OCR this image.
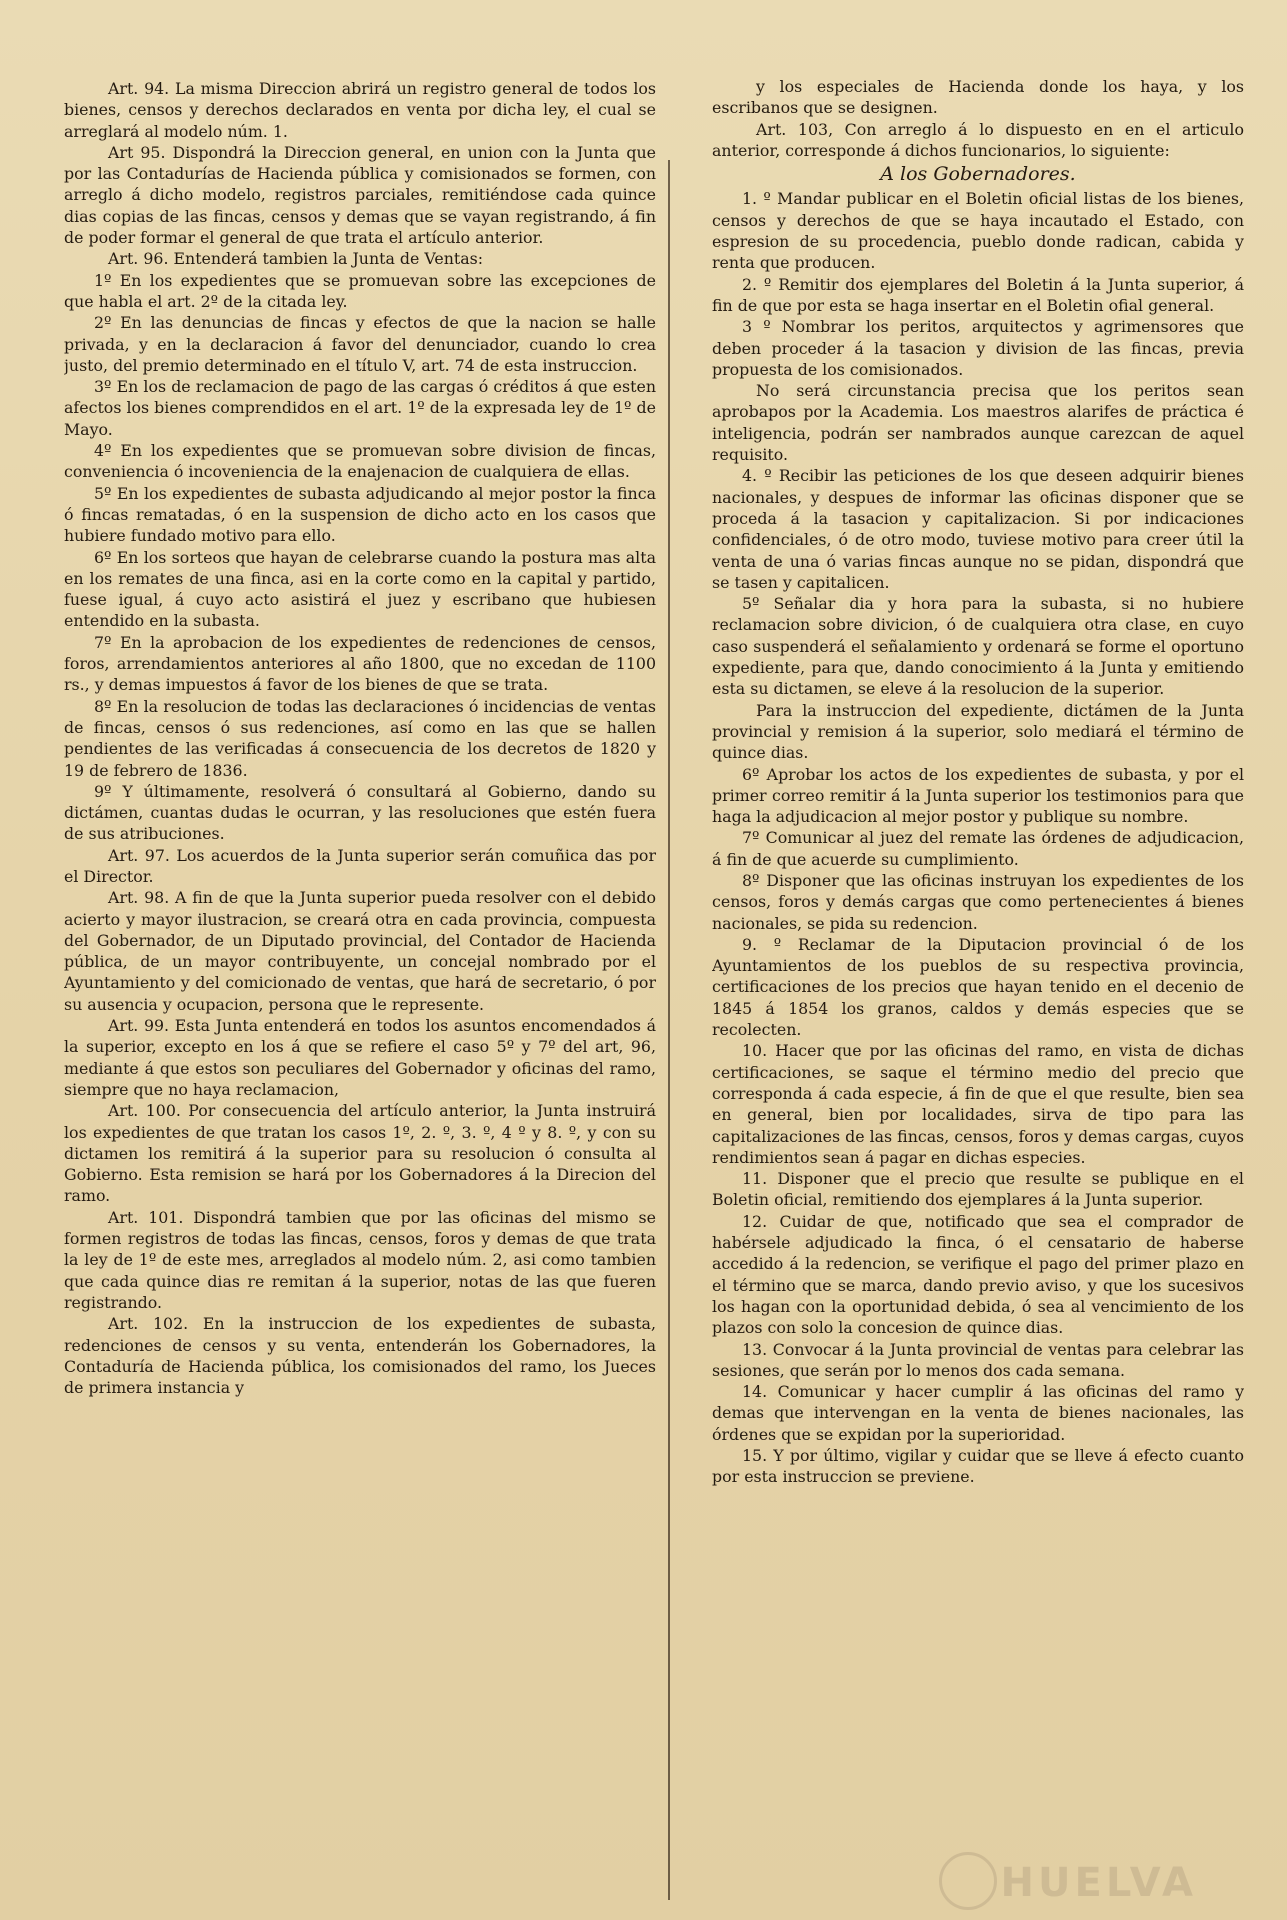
Art. 94. La misma Direccion abrirá un registro general de todos los bienes, censos y derechos declarados en venta por dicha ley, el cual se arreglará al modelo núm. 1.

Art 95. Dispondrá la Direccion general, en union con la Junta que por las Contadurías de Hacienda pública y comisionados se formen, con arreglo á dicho modelo, registros parciales, remitiéndose cada quince dias copias de las fincas, censos y demas que se vayan registrando, á fin de poder formar el general de que trata el artículo anterior.

Art. 96. Entenderá tambien la Junta de Ventas:

1º En los expedientes que se promuevan sobre las excepciones de que habla el art. 2º de la citada ley.

2º En las denuncias de fincas y efectos de que la nacion se halle privada, y en la declaracion á favor del denunciador, cuando lo crea justo, del premio determinado en el título V, art. 74 de esta instruccion.

3º En los de reclamacion de pago de las cargas ó créditos á que esten afectos los bienes comprendidos en el art. 1º de la expresada ley de 1º de Mayo.

4º En los expedientes que se promuevan sobre division de fincas, conveniencia ó incoveniencia de la enajenacion de cualquiera de ellas.

5º En los expedientes de subasta adjudicando al mejor postor la finca ó fincas rematadas, ó en la suspension de dicho acto en los casos que hubiere fundado motivo para ello.

6º En los sorteos que hayan de celebrarse cuando la postura mas alta en los remates de una finca, asi en la corte como en la capital y partido, fuese igual, á cuyo acto asistirá el juez y escribano que hubiesen entendido en la subasta.

7º En la aprobacion de los expedientes de redenciones de censos, foros, arrendamientos anteriores al año 1800, que no excedan de 1100 rs., y demas impuestos á favor de los bienes de que se trata.

8º En la resolucion de todas las declaraciones ó incidencias de ventas de fincas, censos ó sus redenciones, así como en las que se hallen pendientes de las verificadas á consecuencia de los decretos de 1820 y 19 de febrero de 1836.

9º Y últimamente, resolverá ó consultará al Gobierno, dando su dictámen, cuantas dudas le ocurran, y las resoluciones que estén fuera de sus atribuciones.

Art. 97. Los acuerdos de la Junta superior serán comuñica das por el Director.

Art. 98. A fin de que la Junta superior pueda resolver con el debido acierto y mayor ilustracion, se creará otra en cada provincia, compuesta del Gobernador, de un Diputado provincial, del Contador de Hacienda pública, de un mayor contribuyente, un concejal nombrado por el Ayuntamiento y del comicionado de ventas, que hará de secretario, ó por su ausencia y ocupacion, persona que le represente.

Art. 99. Esta Junta entenderá en todos los asuntos encomendados á la superior, excepto en los á que se refiere el caso 5º y 7º del art, 96, mediante á que estos son peculiares del Gobernador y oficinas del ramo, siempre que no haya reclamacion,

Art. 100. Por consecuencia del artículo anterior, la Junta instruirá los expedientes de que tratan los casos 1º, 2. º, 3. º, 4 º y 8. º, y con su dictamen los remitirá á la superior para su resolucion ó consulta al Gobierno. Esta remision se hará por los Gobernadores á la Direcion del ramo.

Art. 101. Dispondrá tambien que por las oficinas del mismo se formen registros de todas las fincas, censos, foros y demas de que trata la ley de 1º de este mes, arreglados al modelo núm. 2, asi como tambien que cada quince dias re remitan á la superior, notas de las que fueren registrando.

Art. 102. En la instruccion de los expedientes de subasta, redenciones de censos y su venta, entenderán los Gobernadores, la Contaduría de Hacienda pública, los comisionados del ramo, los Jueces de primera instancia y

y los especiales de Hacienda donde los haya, y los escribanos que se designen.

Art. 103, Con arreglo á lo dispuesto en en el articulo anterior, corresponde á dichos funcionarios, lo siguiente:

A los Gobernadores.

1. º Mandar publicar en el Boletin oficial listas de los bienes, censos y derechos de que se haya incautado el Estado, con espresion de su procedencia, pueblo donde radican, cabida y renta que producen.

2. º Remitir dos ejemplares del Boletin á la Junta superior, á fin de que por esta se haga insertar en el Boletin ofial general.

3 º Nombrar los peritos, arquitectos y agrimensores que deben proceder á la tasacion y division de las fincas, previa propuesta de los comisionados.

No será circunstancia precisa que los peritos sean aprobapos por la Academia. Los maestros alarifes de práctica é inteligencia, podrán ser nambrados aunque carezcan de aquel requisito.

4. º Recibir las peticiones de los que deseen adquirir bienes nacionales, y despues de informar las oficinas disponer que se proceda á la tasacion y capitalizacion. Si por indicaciones confidenciales, ó de otro modo, tuviese motivo para creer útil la venta de una ó varias fincas aunque no se pidan, dispondrá que se tasen y capitalicen.

5º Señalar dia y hora para la subasta, si no hubiere reclamacion sobre divicion, ó de cualquiera otra clase, en cuyo caso suspenderá el señalamiento y ordenará se forme el oportuno expediente, para que, dando conocimiento á la Junta y emitiendo esta su dictamen, se eleve á la resolucion de la superior.

Para la instruccion del expediente, dictámen de la Junta provincial y remision á la superior, solo mediará el término de quince dias.

6º Aprobar los actos de los expedientes de subasta, y por el primer correo remitir á la Junta superior los testimonios para que haga la adjudicacion al mejor postor y publique su nombre.

7º Comunicar al juez del remate las órdenes de adjudicacion, á fin de que acuerde su cumplimiento.

8º Disponer que las oficinas instruyan los expedientes de los censos, foros y demás cargas que como pertenecientes á bienes nacionales, se pida su redencion.

9. º Reclamar de la Diputacion provincial ó de los Ayuntamientos de los pueblos de su respectiva provincia, certificaciones de los precios que hayan tenido en el decenio de 1845 á 1854 los granos, caldos y demás especies que se recolecten.

10. Hacer que por las oficinas del ramo, en vista de dichas certificaciones, se saque el término medio del precio que corresponda á cada especie, á fin de que el que resulte, bien sea en general, bien por localidades, sirva de tipo para las capitalizaciones de las fincas, censos, foros y demas cargas, cuyos rendimientos sean á pagar en dichas especies.

11. Disponer que el precio que resulte se publique en el Boletin oficial, remitiendo dos ejemplares á la Junta superior.

12. Cuidar de que, notificado que sea el comprador de habérsele adjudicado la finca, ó el censatario de haberse accedido á la redencion, se verifique el pago del primer plazo en el término que se marca, dando previo aviso, y que los sucesivos los hagan con la oportunidad debida, ó sea al vencimiento de los plazos con solo la concesion de quince dias.

13. Convocar á la Junta provincial de ventas para celebrar las sesiones, que serán por lo menos dos cada semana.

14. Comunicar y hacer cumplir á las oficinas del ramo y demas que intervengan en la venta de bienes nacionales, las órdenes que se expidan por la superioridad.

15. Y por último, vigilar y cuidar que se lleve á efecto cuanto por esta instruccion se previene.

HUELVA
